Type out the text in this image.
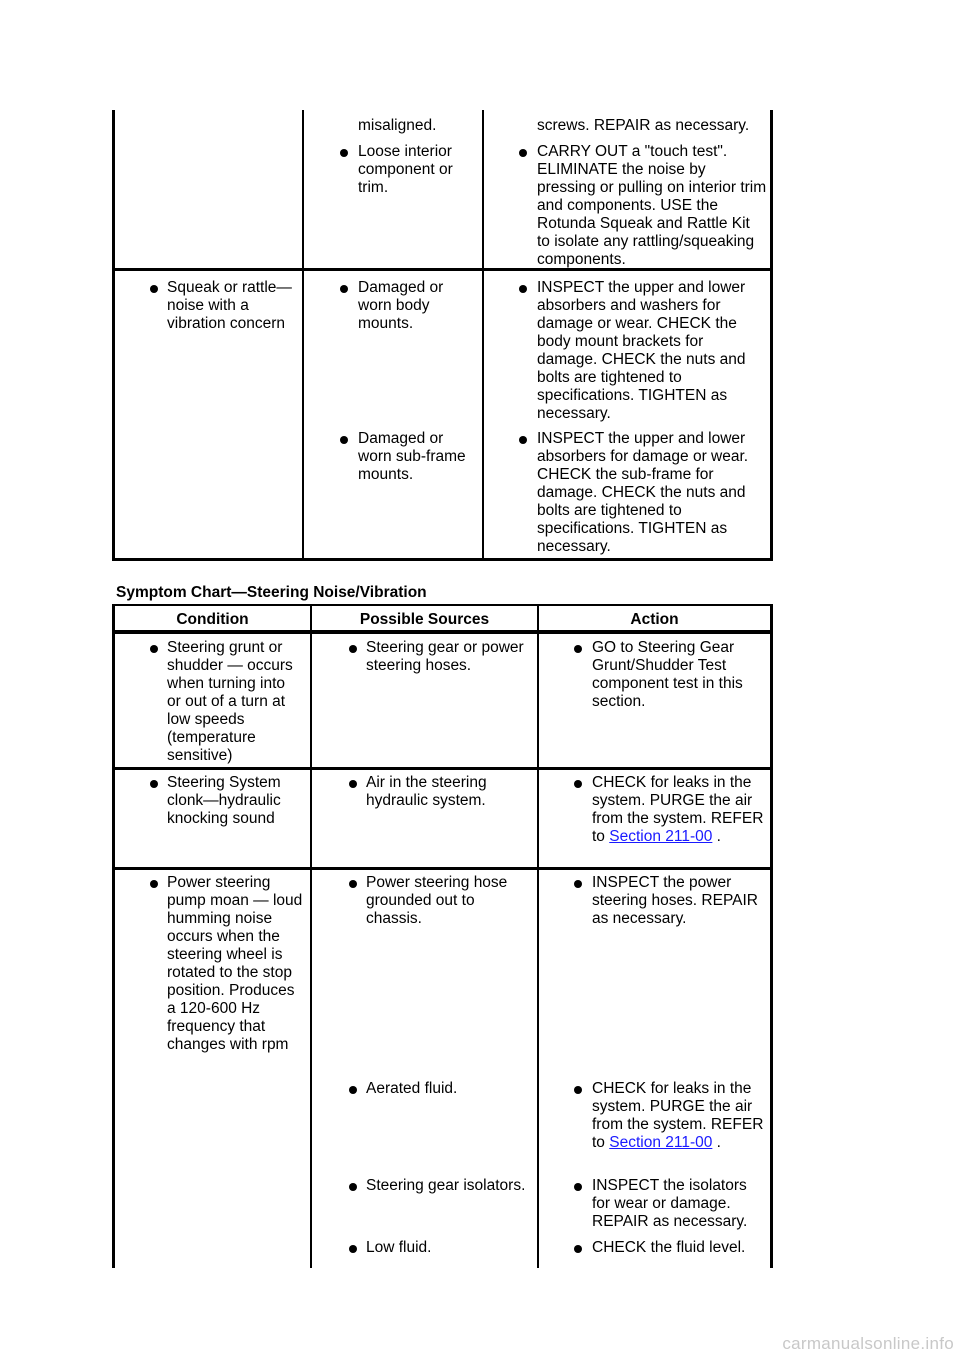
misaligned.
Loose interior component or trim.
screws. REPAIR as necessary.
CARRY OUT a "touch test". ELIMINATE the noise by pressing or pulling on interior trim and components. USE the Rotunda Squeak and Rattle Kit to isolate any rattling/squeaking components.
Squeak or rattle—noise with a vibration concern
Damaged or worn body mounts.
Damaged or worn sub-frame mounts.
INSPECT the upper and lower absorbers and washers for damage or wear. CHECK the body mount brackets for damage. CHECK the nuts and bolts are tightened to specifications. TIGHTEN as necessary.
INSPECT the upper and lower absorbers for damage or wear. CHECK the sub-frame for damage. CHECK the nuts and bolts are tightened to specifications. TIGHTEN as necessary.
Symptom Chart—Steering Noise/Vibration
Condition	Possible Sources	Action
Steering grunt or shudder — occurs when turning into or out of a turn at low speeds (temperature sensitive)
Steering gear or power steering hoses.
GO to Steering Gear Grunt/Shudder Test component test in this section.
Steering System clonk—hydraulic knocking sound
Air in the steering hydraulic system.
CHECK for leaks in the system. PURGE the air from the system. REFER to Section 211-00 .
Power steering pump moan — loud humming noise occurs when the steering wheel is rotated to the stop position. Produces a 120-600 Hz frequency that changes with rpm
Power steering hose grounded out to chassis.
Aerated fluid.
Steering gear isolators.
Low fluid.
INSPECT the power steering hoses. REPAIR as necessary.
CHECK for leaks in the system. PURGE the air from the system. REFER to Section 211-00 .
INSPECT the isolators for wear or damage. REPAIR as necessary.
CHECK the fluid level.
carmanualsonline.info
